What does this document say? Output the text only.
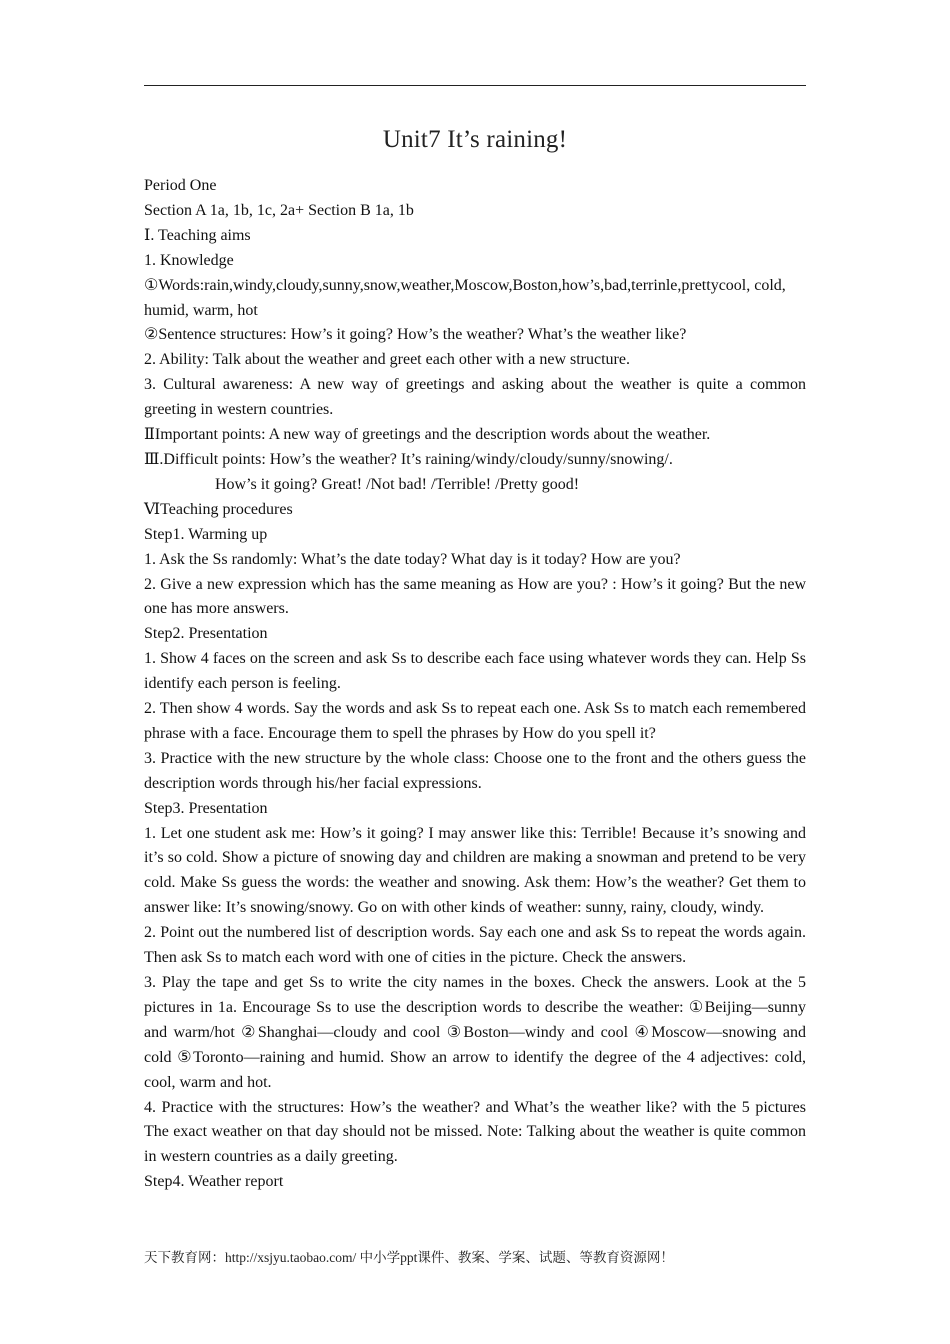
Unit7 It’s raining!

Period One

Section A 1a, 1b, 1c, 2a+ Section B 1a, 1b

Ⅰ. Teaching aims

1. Knowledge

①Words:rain,windy,cloudy,sunny,snow,weather,Moscow,Boston,how’s,bad,terrinle,prettycool, cold, humid, warm, hot

②Sentence structures: How’s it going? How’s the weather? What’s the weather like?

2. Ability: Talk about the weather and greet each other with a new structure.

3. Cultural awareness: A new way of greetings and asking about the weather is quite a common greeting in western countries.

ⅡImportant points: A new way of greetings and the description words about the weather.

Ⅲ.Difficult points: How’s the weather? It’s raining/windy/cloudy/sunny/snowing/.

How’s it going? Great! /Not bad! /Terrible! /Pretty good!

ⅥTeaching procedures

Step1. Warming up

1. Ask the Ss randomly: What’s the date today? What day is it today? How are you?

2. Give a new expression which has the same meaning as How are you? : How’s it going? But the new one has more answers.

Step2. Presentation

1. Show 4 faces on the screen and ask Ss to describe each face using whatever words they can. Help Ss identify each person is feeling.

2. Then show 4 words. Say the words and ask Ss to repeat each one. Ask Ss to match each remembered phrase with a face. Encourage them to spell the phrases by How do you spell it?

3. Practice with the new structure by the whole class: Choose one to the front and the others guess the description words through his/her facial expressions.

Step3. Presentation

1. Let one student ask me: How’s it going? I may answer like this: Terrible! Because it’s snowing and it’s so cold. Show a picture of snowing day and children are making a snowman and pretend to be very cold. Make Ss guess the words: the weather and snowing. Ask them: How’s the weather? Get them to answer like: It’s snowing/snowy. Go on with other kinds of weather: sunny, rainy, cloudy, windy.

2. Point out the numbered list of description words. Say each one and ask Ss to repeat the words again. Then ask Ss to match each word with one of cities in the picture. Check the answers.

3. Play the tape and get Ss to write the city names in the boxes. Check the answers. Look at the 5 pictures in 1a. Encourage Ss to use the description words to describe the weather: ①Beijing—sunny and warm/hot ②Shanghai—cloudy and cool ③Boston—windy and cool ④Moscow—snowing and cold ⑤Toronto—raining and humid. Show an arrow to identify the degree of the 4 adjectives: cold, cool, warm and hot.

4. Practice with the structures: How’s the weather? and What’s the weather like? with the 5 pictures The exact weather on that day should not be missed. Note: Talking about the weather is quite common in western countries as a daily greeting.

Step4. Weather report

天下教育网：http://xsjyu.taobao.com/ 中小学ppt课件、教案、学案、试题、等教育资源网！
